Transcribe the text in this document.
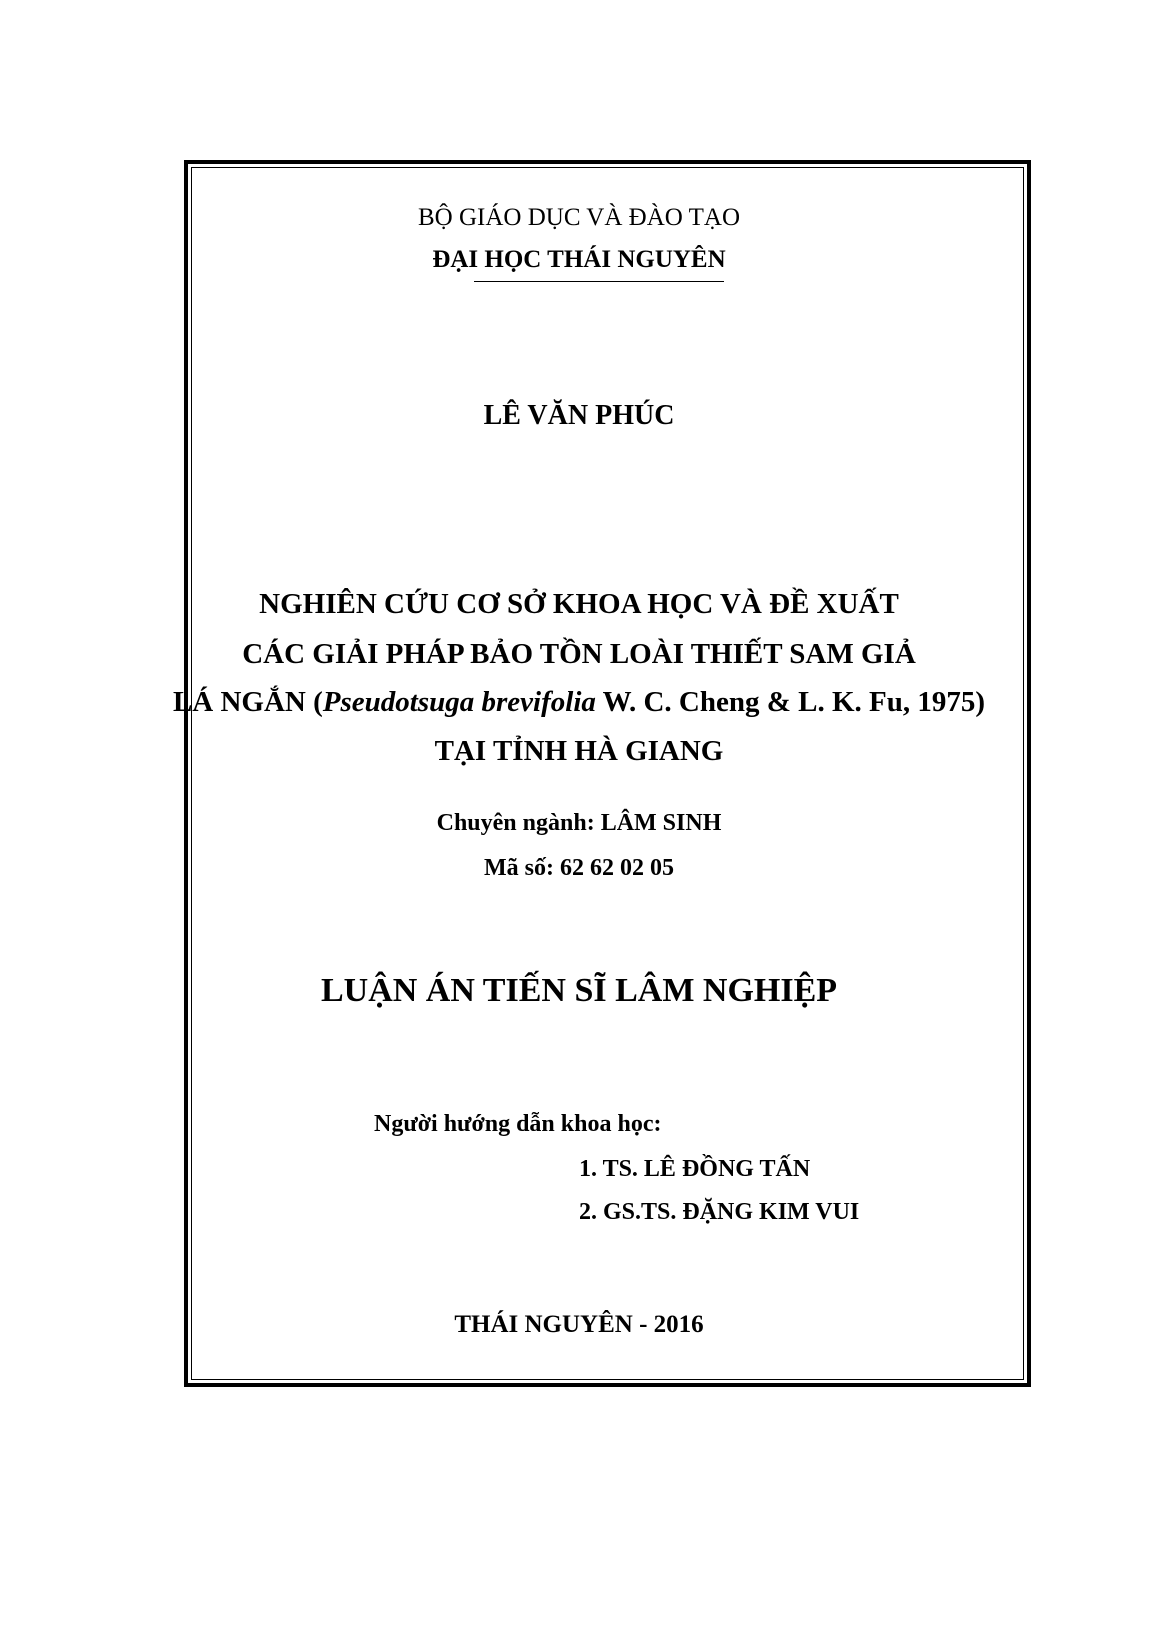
BỘ GIÁO DỤC VÀ ĐÀO TẠO
ĐẠI HỌC THÁI NGUYÊN
LÊ VĂN PHÚC
NGHIÊN CỨU CƠ SỞ KHOA HỌC VÀ ĐỀ XUẤT
CÁC GIẢI PHÁP BẢO TỒN LOÀI THIẾT SAM GIẢ
LÁ NGẮN (Pseudotsuga brevifolia W. C. Cheng & L. K. Fu, 1975)
TẠI TỈNH HÀ GIANG
Chuyên ngành: LÂM SINH
Mã số: 62 62 02 05
LUẬN ÁN TIẾN SĨ LÂM NGHIỆP
Người hướng dẫn khoa học:
1. TS. LÊ ĐỒNG TẤN
2. GS.TS. ĐẶNG KIM VUI
THÁI NGUYÊN - 2016
